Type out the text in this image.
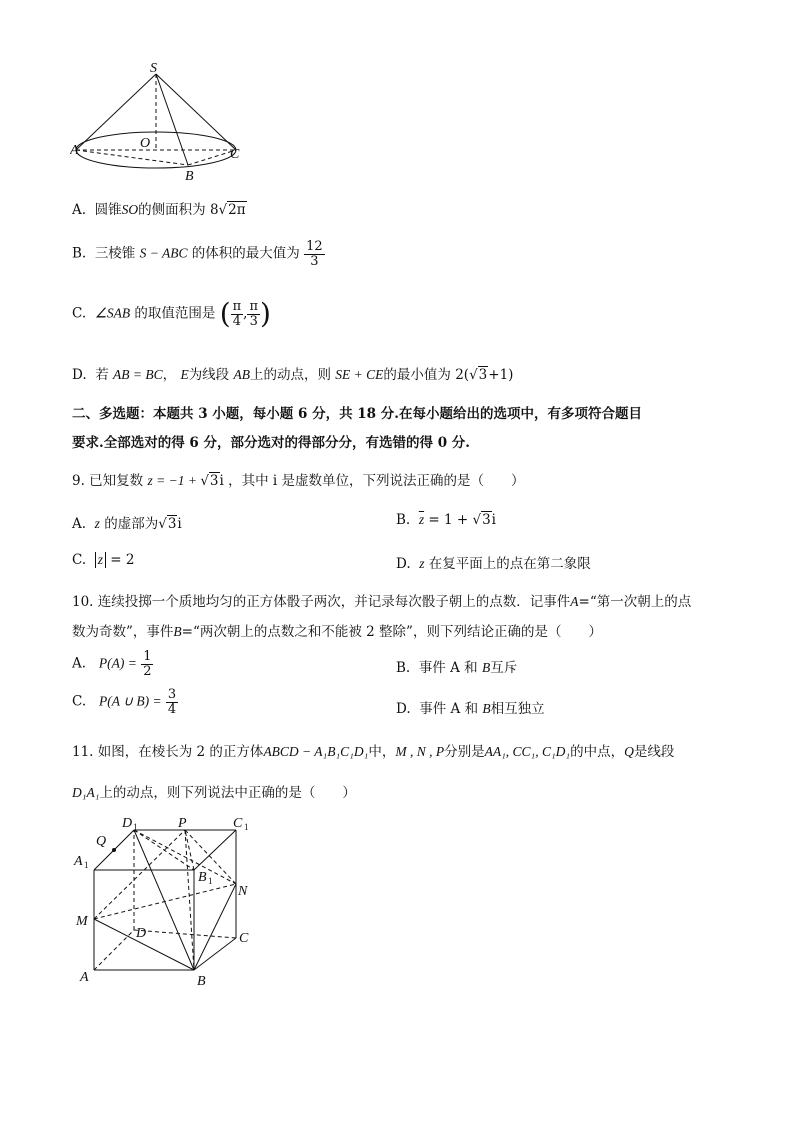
S
A	O
B
C
A. 圆锥SO的侧面积为 8√2π
B. 三棱锥 S − ABC 的体积的最大值为 $\frac{12}{3}$
C. ∠SAB 的取值范围是 ( $\frac{\pi}{4}$ , $\frac{\pi}{3}$ )
D. 若 AB = BC， E为线段 AB上的动点，则 SE + CE的最小值为 2(√3+1)
二、多选题：本题共 3 小题，每小题 6 分，共 18 分.在每小题给出的选项中，有多项符合题目
要求.全部选对的得 6 分，部分选对的得部分分，有选错的得 0 分.
9. 已知复数 z = −1 + √3i ，其中 i 是虚数单位，下列说法正确的是（　　）
A. z 的虚部为√3i	B. $\overline{z} = 1 + √3i$
C. z = 2	D. z 在复平面上的点在第二象限
10. 连续投掷一个质地均匀的正方体骰子两次，并记录每次骰子朝上的点数．记事件A=“第一次朝上的点
数为奇数”，事件B=“两次朝上的点数之和不能被 2 整除”，则下列结论正确的是（　　）
A. $P(A) = \frac{1}{2}$	B. 事件 A 和 B互斥
C. P(A ∪ $B) = \frac{3}{4}$	D. 事件 A 和 B相互独立
11. 如图，在棱长为 2 的正方体ABCD − A₁B₁C₁D₁中，M , N , P分别是AA₁, CC₁, C₁D₁的中点，Q是线段
D₁A₁上的动点，则下列说法中正确的是（　　）
Q
D 1	P	C 1
A 1
B 1
N
M
D	C
A	B
